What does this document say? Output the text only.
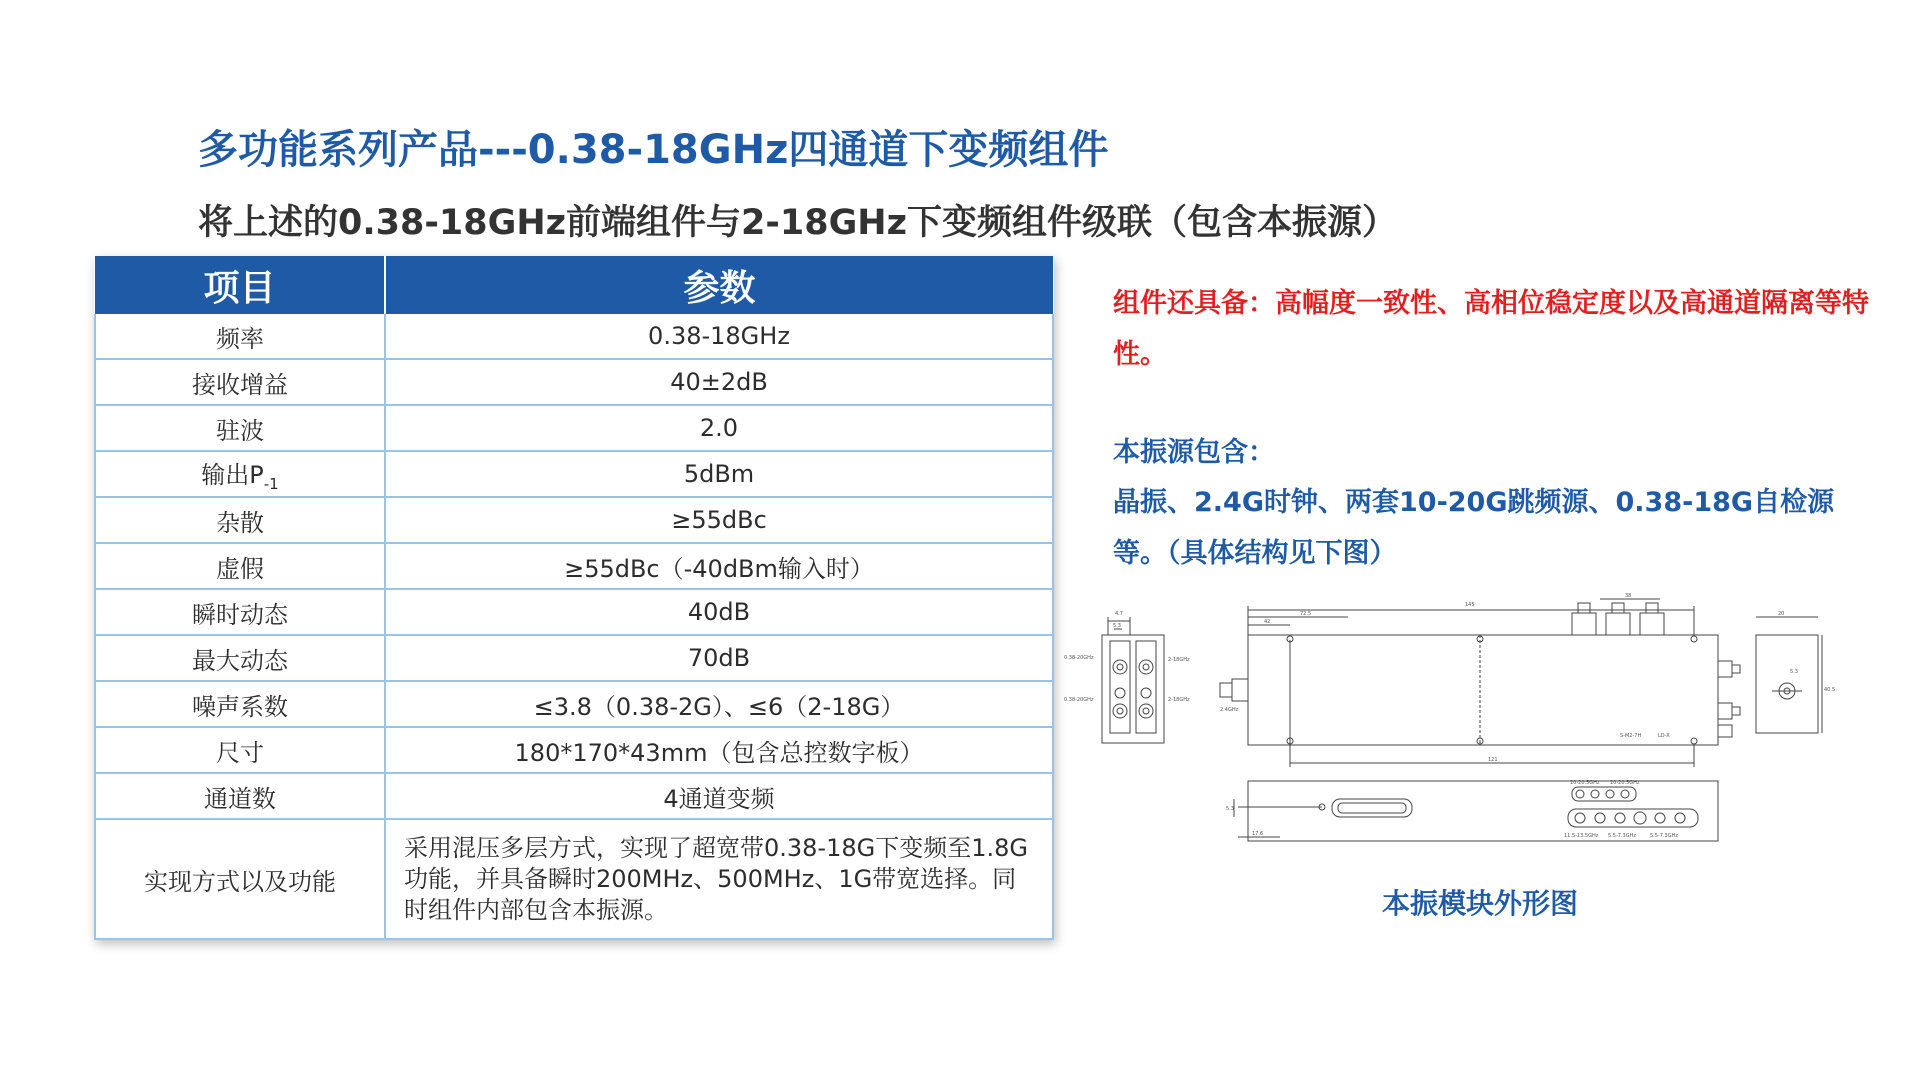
多功能系列产品---0.38-18GHz四通道下变频组件
将上述的0.38-18GHz前端组件与2-18GHz下变频组件级联（包含本振源）
项目	参数
频率	0.38-18GHz
接收增益	40±2dB
驻波	2.0
输出$P_{-1}$	5dBm
杂散	≥55dBc
虚假	≥55dBc（-40dBm输入时）
瞬时动态	40dB
最大动态	70dB
噪声系数	≤3.8（0.38-2G）、≤6（2-18G）
尺寸	180*170*43mm（包含总控数字板）
通道数	4通道变频
实现方式以及功能	采用混压多层方式，实现了超宽带0.38-18G下变频至1.8G功能，并具备瞬时200MHz、500MHz、1G带宽选择。同时组件内部包含本振源。
组件还具备：高幅度一致性、高相位稳定度以及高通道隔离等特性。
本振源包含：
晶振、2.4G时钟、两套10-20G跳频源、0.38-18G自检源等。（具体结构见下图）
4.7
5.3
0.38-20GHz
0.38-20GHz
2-18GHz
2-18GHz
145
38
72.5
42
2.4GHz
S-M2-7H	LD-X
121
20
5.3
40.5
10-20.5GHz 10-20.5GHz
11.5-13.5GHz 5.5-7.3GHz	5.5-7.3GHz
17.6
5.3
本振模块外形图
